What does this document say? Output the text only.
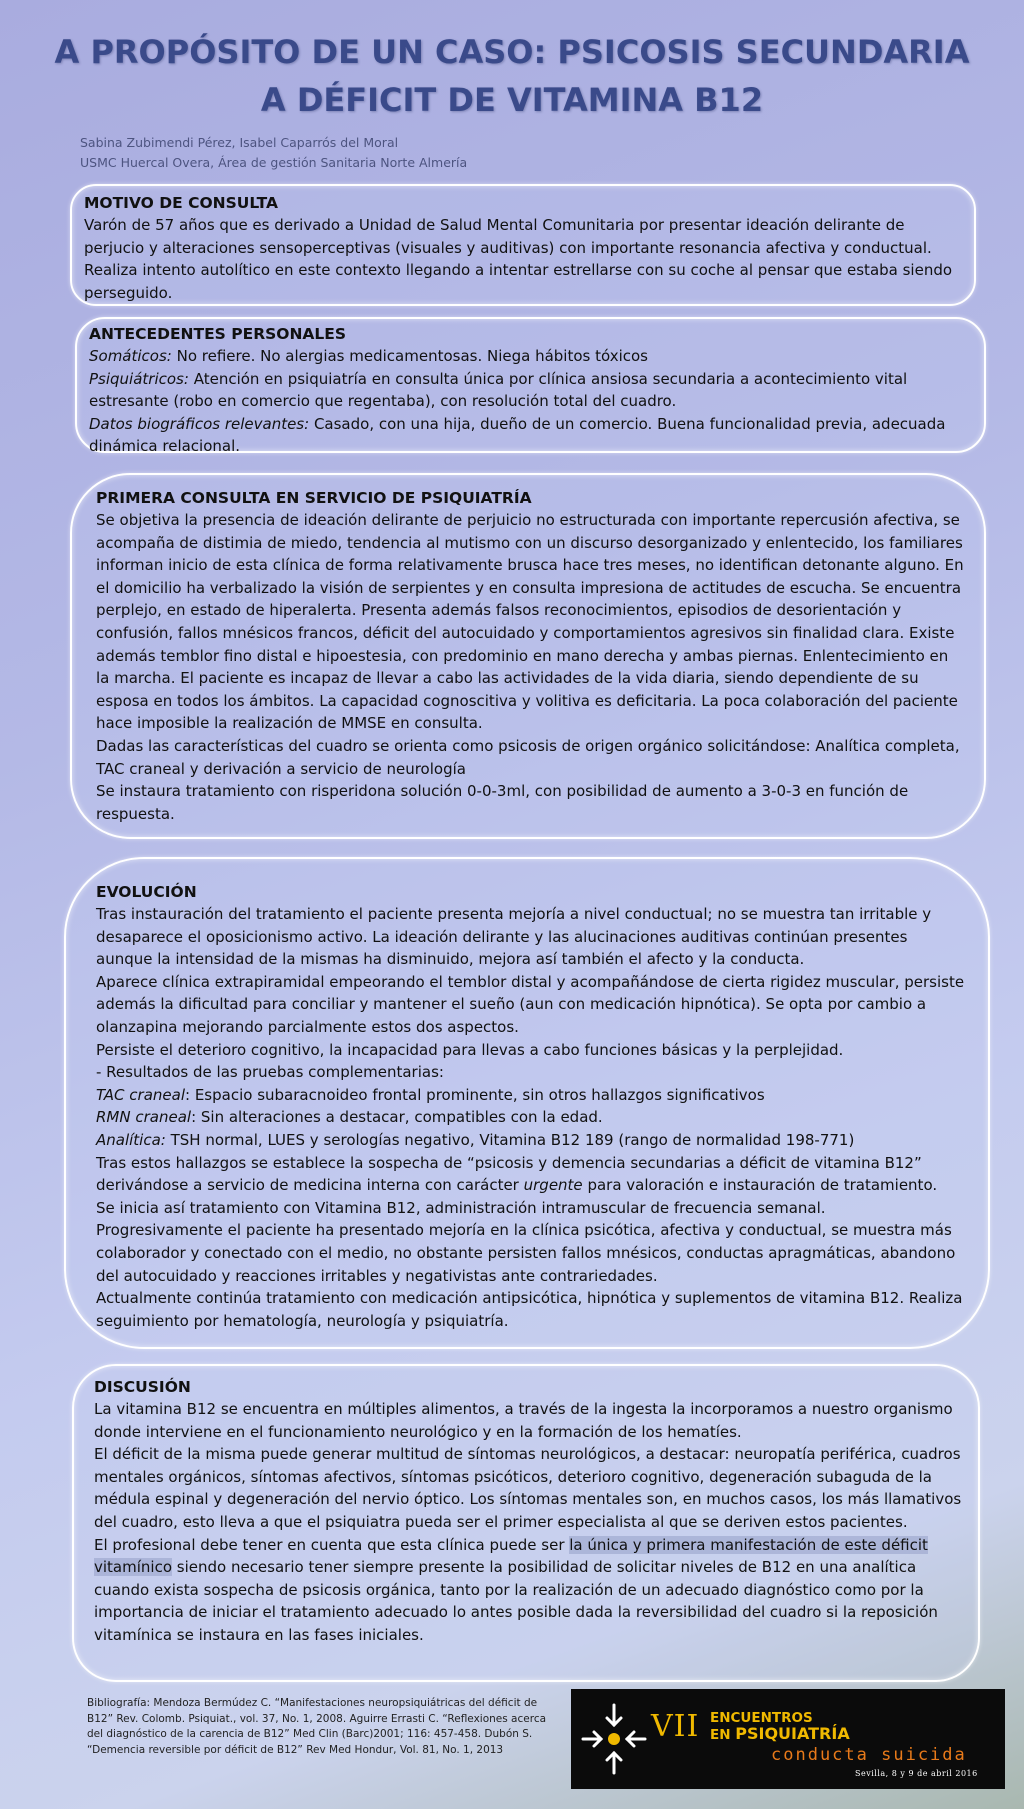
A PROPÓSITO DE UN CASO: PSICOSIS SECUNDARIA A DÉFICIT DE VITAMINA B12
Sabina Zubimendi Pérez, Isabel Caparrós del Moral
USMC Huercal Overa, Área de gestión Sanitaria Norte Almería
MOTIVO DE CONSULTA

Varón de 57 años que es derivado a Unidad de Salud Mental Comunitaria por presentar ideación delirante de perjucio y alteraciones sensoperceptivas (visuales y auditivas) con importante resonancia afectiva y conductual. Realiza intento autolítico en este contexto llegando a intentar estrellarse con su coche al pensar que estaba siendo perseguido.

ANTECEDENTES PERSONALES

Somáticos: No refiere. No alergias medicamentosas. Niega hábitos tóxicos

Psiquiátricos: Atención en psiquiatría en consulta única por clínica ansiosa secundaria a acontecimiento vital estresante (robo en comercio que regentaba), con resolución total del cuadro.

Datos biográficos relevantes: Casado, con una hija, dueño de un comercio. Buena funcionalidad previa, adecuada dinámica relacional.

PRIMERA CONSULTA EN SERVICIO DE PSIQUIATRÍA

Se objetiva la presencia de ideación delirante de perjuicio no estructurada con importante repercusión afectiva, se acompaña de distimia de miedo, tendencia al mutismo con un discurso desorganizado y enlentecido, los familiares informan inicio de esta clínica de forma relativamente brusca hace tres meses, no identifican detonante alguno. En el domicilio ha verbalizado la visión de serpientes y en consulta impresiona de actitudes de escucha. Se encuentra perplejo, en estado de hiperalerta. Presenta además falsos reconocimientos, episodios de desorientación y confusión, fallos mnésicos francos, déficit del autocuidado y comportamientos agresivos sin finalidad clara. Existe además temblor fino distal e hipoestesia, con predominio en mano derecha y ambas piernas. Enlentecimiento en la marcha. El paciente es incapaz de llevar a cabo las actividades de la vida diaria, siendo dependiente de su esposa en todos los ámbitos. La capacidad cognoscitiva y volitiva es deficitaria. La poca colaboración del paciente hace imposible la realización de MMSE en consulta.

Dadas las características del cuadro se orienta como psicosis de origen orgánico solicitándose: Analítica completa, TAC craneal y derivación a servicio de neurología

Se instaura tratamiento con risperidona solución 0-0-3ml, con posibilidad de aumento a 3-0-3 en función de respuesta.

EVOLUCIÓN

Tras instauración del tratamiento el paciente presenta mejoría a nivel conductual; no se muestra tan irritable y desaparece el oposicionismo activo. La ideación delirante y las alucinaciones auditivas continúan presentes aunque la intensidad de la mismas ha disminuido, mejora así también el afecto y la conducta.

Aparece clínica extrapiramidal empeorando el temblor distal y acompañándose de cierta rigidez muscular, persiste además la dificultad para conciliar y mantener el sueño (aun con medicación hipnótica). Se opta por cambio a olanzapina mejorando parcialmente estos dos aspectos.

Persiste el deterioro cognitivo, la incapacidad para llevas a cabo funciones básicas y la perplejidad.

- Resultados de las pruebas complementarias:

TAC craneal: Espacio subaracnoideo frontal prominente, sin otros hallazgos significativos

RMN craneal: Sin alteraciones a destacar, compatibles con la edad.

Analítica: TSH normal, LUES y serologías negativo, Vitamina B12 189 (rango de normalidad 198-771)

Tras estos hallazgos se establece la sospecha de “psicosis y demencia secundarias a déficit de vitamina B12” derivándose a servicio de medicina interna con carácter urgente para valoración e instauración de tratamiento.

Se inicia así tratamiento con Vitamina B12, administración intramuscular de frecuencia semanal.

Progresivamente el paciente ha presentado mejoría en la clínica psicótica, afectiva y conductual, se muestra más colaborador y conectado con el medio, no obstante persisten fallos mnésicos, conductas apragmáticas, abandono del autocuidado y reacciones irritables y negativistas ante contrariedades.

Actualmente continúa tratamiento con medicación antipsicótica, hipnótica y suplementos de vitamina B12. Realiza seguimiento por hematología, neurología y psiquiatría.

DISCUSIÓN

La vitamina B12 se encuentra en múltiples alimentos, a través de la ingesta la incorporamos a nuestro organismo donde interviene en el funcionamiento neurológico y en la formación de los hematíes.

El déficit de la misma puede generar multitud de síntomas neurológicos, a destacar: neuropatía periférica, cuadros mentales orgánicos, síntomas afectivos, síntomas psicóticos, deterioro cognitivo, degeneración subaguda de la médula espinal y degeneración del nervio óptico. Los síntomas mentales son, en muchos casos, los más llamativos del cuadro, esto lleva a que el psiquiatra pueda ser el primer especialista al que se deriven estos pacientes.

El profesional debe tener en cuenta que esta clínica puede ser la única y primera manifestación de este déficit vitamínico siendo necesario tener siempre presente la posibilidad de solicitar niveles de B12 en una analítica cuando exista sospecha de psicosis orgánica, tanto por la realización de un adecuado diagnóstico como por la importancia de iniciar el tratamiento adecuado lo antes posible dada la reversibilidad del cuadro si la reposición vitamínica se instaura en las fases iniciales.

Bibliografía: Mendoza Bermúdez C. “Manifestaciones neuropsiquiátricas del déficit de B12” Rev. Colomb. Psiquiat., vol. 37, No. 1, 2008. Aguirre Errasti C. “Reflexiones acerca del diagnóstico de la carencia de B12” Med Clin (Barc)2001; 116: 457-458. Dubón S. “Demencia reversible por déficit de B12” Rev Med Hondur, Vol. 81, No. 1, 2013
VII ENCUENTROS
EN PSIQUIATRÍA
conducta suicida
Sevilla, 8 y 9 de abril 2016
